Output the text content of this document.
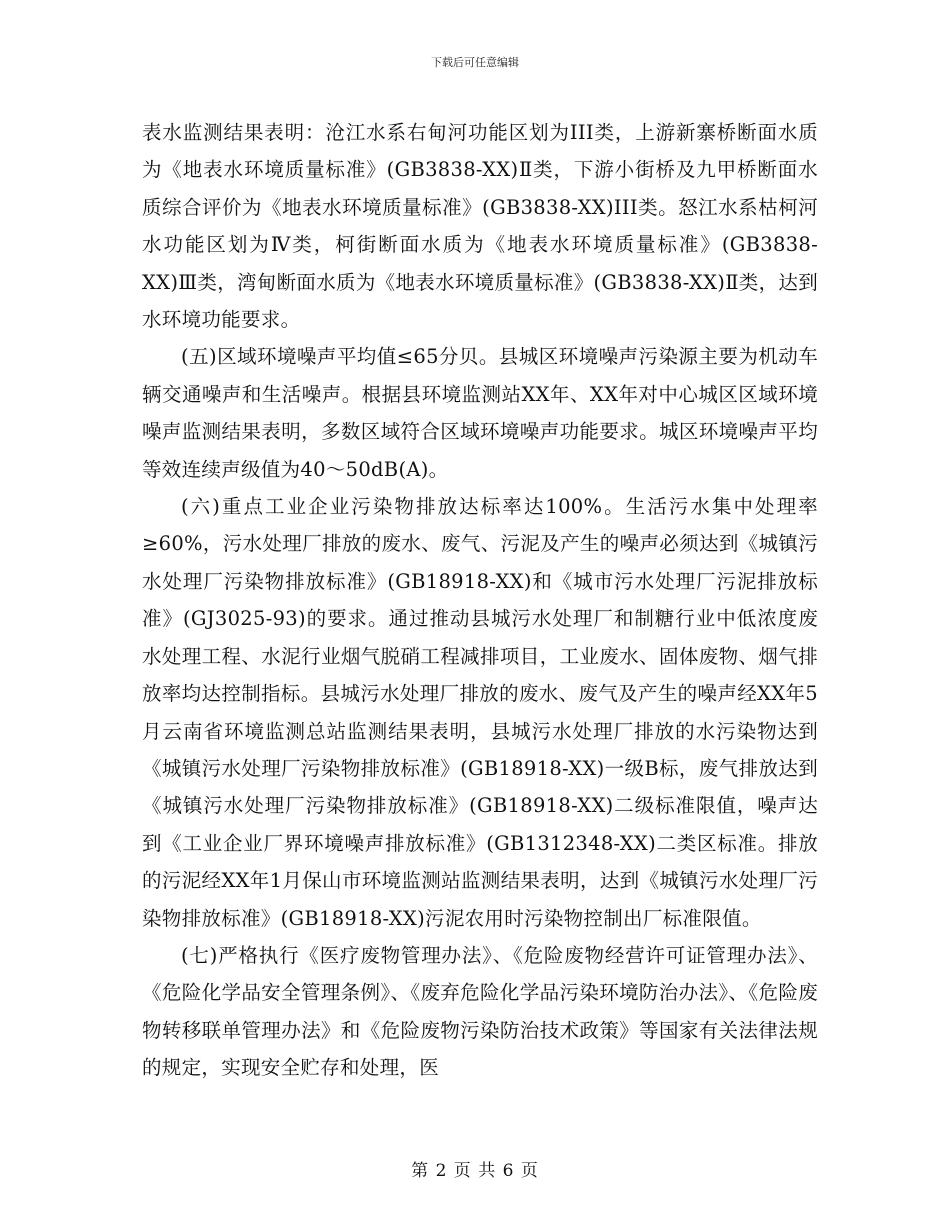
下载后可任意编辑

表水监测结果表明：沧江水系右甸河功能区划为III类，上游新寨桥断面水质为《地表水环境质量标准》(GB3838-XX)Ⅱ类，下游小街桥及九甲桥断面水质综合评价为《地表水环境质量标准》(GB3838-XX)III类。怒江水系枯柯河水功能区划为Ⅳ类，柯街断面水质为《地表水环境质量标准》(GB3838-XX)Ⅲ类，湾甸断面水质为《地表水环境质量标准》(GB3838-XX)Ⅱ类，达到水环境功能要求。

(五)区域环境噪声平均值≤65分贝。县城区环境噪声污染源主要为机动车辆交通噪声和生活噪声。根据县环境监测站XX年、XX年对中心城区区域环境噪声监测结果表明，多数区域符合区域环境噪声功能要求。城区环境噪声平均等效连续声级值为40～50dB(A)。

(六)重点工业企业污染物排放达标率达100%。生活污水集中处理率≥60%，污水处理厂排放的废水、废气、污泥及产生的噪声必须达到《城镇污水处理厂污染物排放标准》(GB18918-XX)和《城市污水处理厂污泥排放标准》(GJ3025-93)的要求。通过推动县城污水处理厂和制糖行业中低浓度废水处理工程、水泥行业烟气脱硝工程减排项目，工业废水、固体废物、烟气排放率均达控制指标。县城污水处理厂排放的废水、废气及产生的噪声经XX年5月云南省环境监测总站监测结果表明，县城污水处理厂排放的水污染物达到《城镇污水处理厂污染物排放标准》(GB18918-XX)一级B标，废气排放达到《城镇污水处理厂污染物排放标准》(GB18918-XX)二级标准限值，噪声达到《工业企业厂界环境噪声排放标准》(GB1312348-XX)二类区标准。排放的污泥经XX年1月保山市环境监测站监测结果表明，达到《城镇污水处理厂污染物排放标准》(GB18918-XX)污泥农用时污染物控制出厂标准限值。

(七)严格执行《医疗废物管理办法》、《危险废物经营许可证管理办法》、《危险化学品安全管理条例》、《废弃危险化学品污染环境防治办法》、《危险废物转移联单管理办法》和《危险废物污染防治技术政策》等国家有关法律法规的规定，实现安全贮存和处理，医

第 2 页 共 6 页
